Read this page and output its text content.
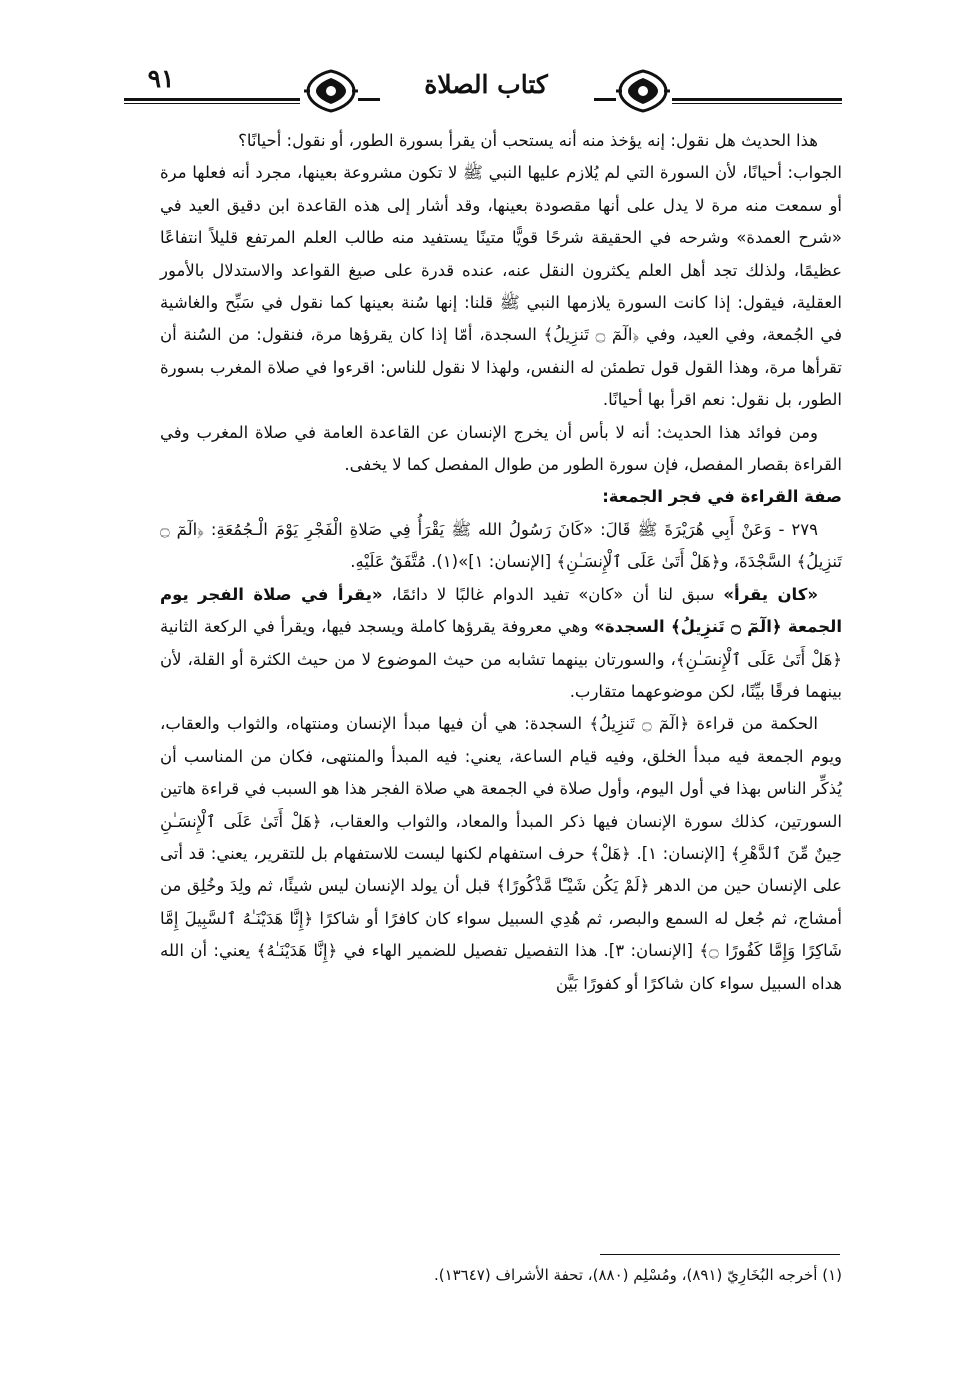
٩١	كتاب الصلاة

هذا الحديث هل نقول: إنه يؤخذ منه أنه يستحب أن يقرأ بسورة الطور، أو نقول: أحيانًا؟

الجواب: أحيانًا، لأن السورة التي لم يُلازم عليها النبي ﷺ لا تكون مشروعة بعينها، مجرد أنه فعلها مرة أو سمعت منه مرة لا يدل على أنها مقصودة بعينها، وقد أشار إلى هذه القاعدة ابن دقيق العيد في «شرح العمدة» وشرحه في الحقيقة شرحًا قويًّا متينًا يستفيد منه طالب العلم المرتفع قليلاً انتفاعًا عظيمًا، ولذلك تجد أهل العلم يكثرون النقل عنه، عنده قدرة على صيغ القواعد والاستدلال بالأمور العقلية، فيقول: إذا كانت السورة يلازمها النبي ﷺ قلنا: إنها سُنة بعينها كما نقول في سَبِّح والغاشية في الجُمعة، وفي العيد، وفي ﴿الٓمٓ ۝ تَنزِيلُ﴾ السجدة، أمّا إذا كان يقرؤها مرة، فنقول: من السُنة أن تقرأها مرة، وهذا القول قول تطمئن له النفس، ولهذا لا نقول للناس: اقرءوا في صلاة المغرب بسورة الطور، بل نقول: نعم اقرأ بها أحيانًا.

ومن فوائد هذا الحديث: أنه لا بأس أن يخرج الإنسان عن القاعدة العامة في صلاة المغرب وفي القراءة بقصار المفصل، فإن سورة الطور من طوال المفصل كما لا يخفى.

صفة القراءة في فجر الجمعة:

٢٧٩ - وَعَنْ أَبِي هُرَيْرَةَ ﷺ قَالَ: «كَانَ رَسُولُ الله ﷺ يَقْرَأُ فِي صَلاةِ الْفَجْرِ يَوْمَ الْـجُمُعَةِ: ﴿الٓمٓ ۝ تَنزِيلُ﴾ السَّجْدَةَ، و﴿هَلْ أَتَىٰ عَلَى ٱلْإِنسَـٰنِ﴾ [الإنسان: ١]»(١). مُتَّفَقٌ عَلَيْهِ.

«كان يقرأ» سبق لنا أن «كان» تفيد الدوام غالبًا لا دائمًا، «يقرأ في صلاة الفجر يوم الجمعة ﴿الٓمٓ ۝ تَنزِيلُ﴾ السجدة» وهي معروفة يقرؤها كاملة ويسجد فيها، ويقرأ في الركعة الثانية ﴿هَلْ أَتَىٰ عَلَى ٱلْإِنسَـٰنِ﴾، والسورتان بينهما تشابه من حيث الموضوع لا من حيث الكثرة أو القلة، لأن بينهما فرقًا بيِّنًا، لكن موضوعهما متقارب.

الحكمة من قراءة ﴿الٓمٓ ۝ تَنزِيلُ﴾ السجدة: هي أن فيها مبدأ الإنسان ومنتهاه، والثواب والعقاب، ويوم الجمعة فيه مبدأ الخلق، وفيه قيام الساعة، يعني: فيه المبدأ والمنتهى، فكان من المناسب أن يُذكِّر الناس بهذا في أول اليوم، وأول صلاة في الجمعة هي صلاة الفجر هذا هو السبب في قراءة هاتين السورتين، كذلك سورة الإنسان فيها ذكر المبدأ والمعاد، والثواب والعقاب، ﴿هَلْ أَتَىٰ عَلَى ٱلْإِنسَـٰنِ حِينٌ مِّنَ ٱلدَّهْرِ﴾ [الإنسان: ١]. ﴿هَلْ﴾ حرف استفهام لكنها ليست للاستفهام بل للتقرير، يعني: قد أتى على الإنسان حين من الدهر ﴿لَمْ يَكُن شَيْـًٔا مَّذْكُورًا﴾ قبل أن يولد الإنسان ليس شيئًا، ثم ولِدَ وخُلِق من أمشاج، ثم جُعل له السمع والبصر، ثم هُدِي السبيل سواء كان كافرًا أو شاكرًا ﴿إِنَّا هَدَيْنَـٰهُ ٱلسَّبِيلَ إِمَّا شَاكِرًا وَإِمَّا كَفُورًا ۝﴾ [الإنسان: ٣]. هذا التفصيل تفصيل للضمير الهاء في ﴿إِنَّا هَدَيْنَـٰهُ﴾ يعني: أن الله هداه السبيل سواء كان شاكرًا أو كفورًا بَيَّن

(١) أخرجه البُخَارِيّ (٨٩١)، ومُسْلِم (٨٨٠)، تحفة الأشراف (١٣٦٤٧).
